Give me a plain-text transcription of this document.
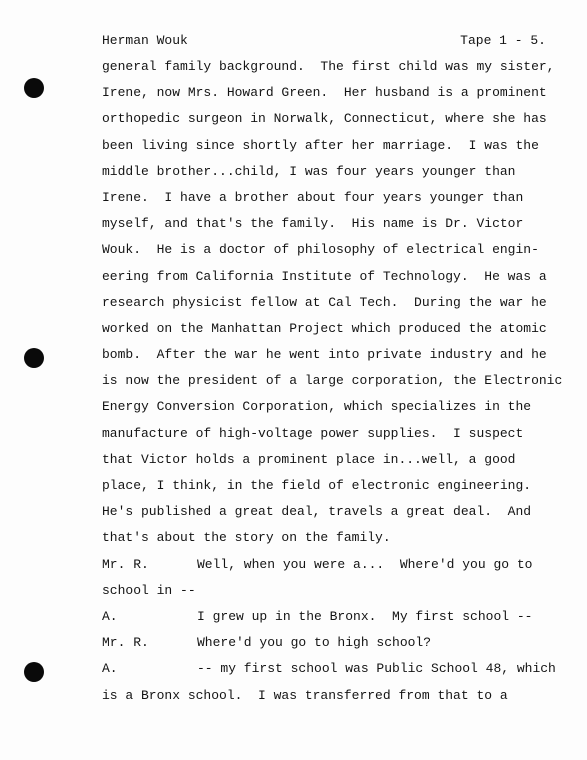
Herman Wouk	Tape 1 - 5.
general family background.  The first child was my sister,
Irene, now Mrs. Howard Green.  Her husband is a prominent
orthopedic surgeon in Norwalk, Connecticut, where she has
been living since shortly after her marriage.  I was the
middle brother...child, I was four years younger than
Irene.  I have a brother about four years younger than
myself, and that's the family.  His name is Dr. Victor
Wouk.  He is a doctor of philosophy of electrical engin-
eering from California Institute of Technology.  He was a
research physicist fellow at Cal Tech.  During the war he
worked on the Manhattan Project which produced the atomic
bomb.  After the war he went into private industry and he
is now the president of a large corporation, the Electronic
Energy Conversion Corporation, which specializes in the
manufacture of high-voltage power supplies.  I suspect
that Victor holds a prominent place in...well, a good
place, I think, in the field of electronic engineering.
He's published a great deal, travels a great deal.  And
that's about the story on the family.

Mr. R.

	Well, when you were a...  Where'd you go to

school in --

A.

	I grew up in the Bronx.  My first school --

Mr. R.

	Where'd you go to high school?

A.

	-- my first school was Public School 48, which

is a Bronx school.  I was transferred from that to a
